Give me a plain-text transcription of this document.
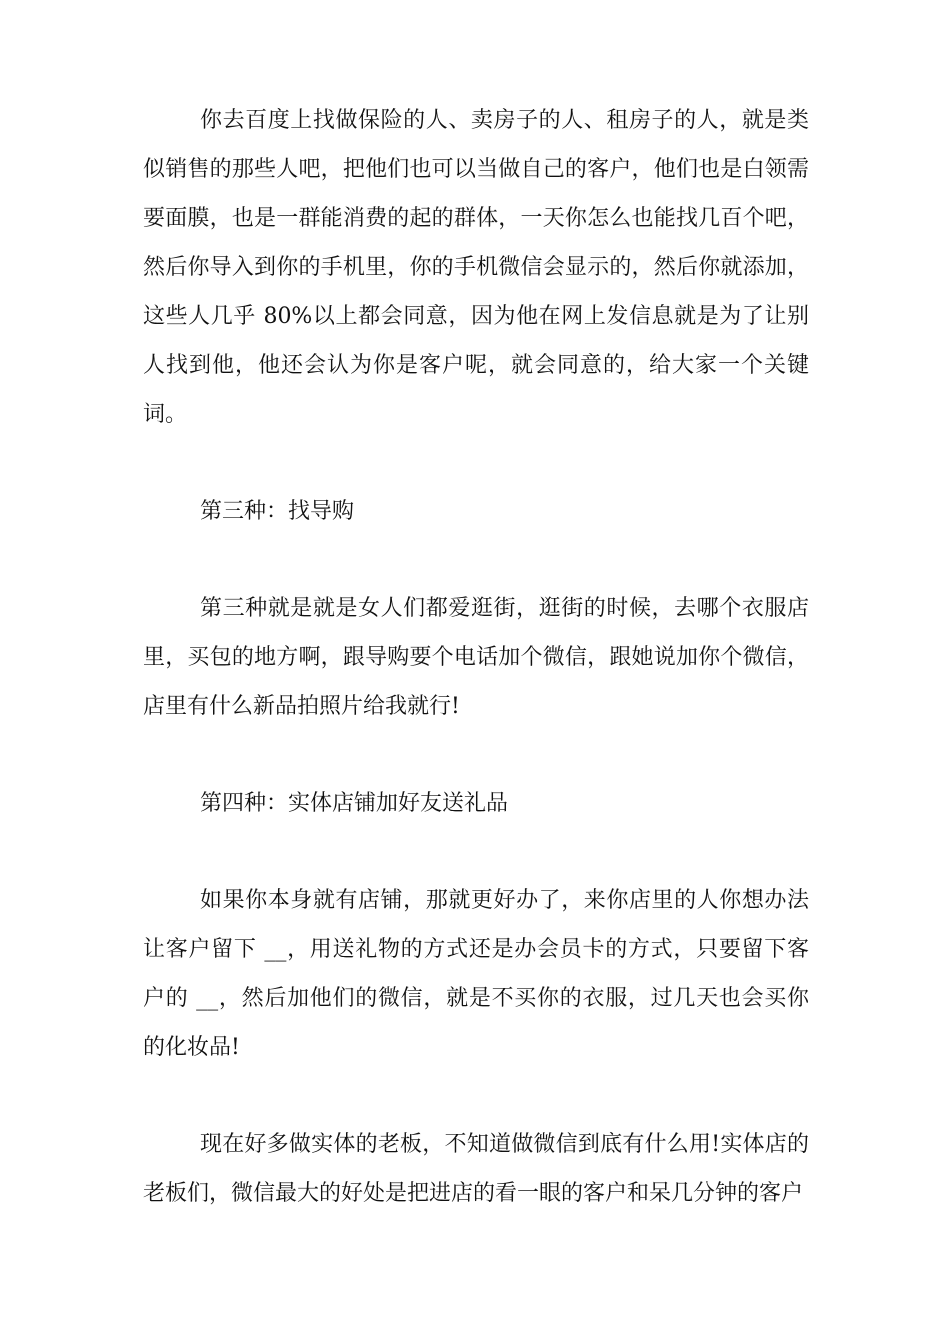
你去百度上找做保险的人、卖房子的人、租房子的人，就是类似销售的那些人吧，把他们也可以当做自己的客户，他们也是白领需要面膜，也是一群能消费的起的群体，一天你怎么也能找几百个吧，然后你导入到你的手机里，你的手机微信会显示的，然后你就添加，这些人几乎 80%以上都会同意，因为他在网上发信息就是为了让别人找到他，他还会认为你是客户呢，就会同意的，给大家一个关键词。

第三种：找导购

第三种就是就是女人们都爱逛街，逛街的时候，去哪个衣服店里，买包的地方啊，跟导购要个电话加个微信，跟她说加你个微信，店里有什么新品拍照片给我就行!

第四种：实体店铺加好友送礼品

如果你本身就有店铺，那就更好办了，来你店里的人你想办法让客户留下 __，用送礼物的方式还是办会员卡的方式，只要留下客户的 __，然后加他们的微信，就是不买你的衣服，过几天也会买你的化妆品!

现在好多做实体的老板，不知道做微信到底有什么用!实体店的老板们，微信最大的好处是把进店的看一眼的客户和呆几分钟的客户
